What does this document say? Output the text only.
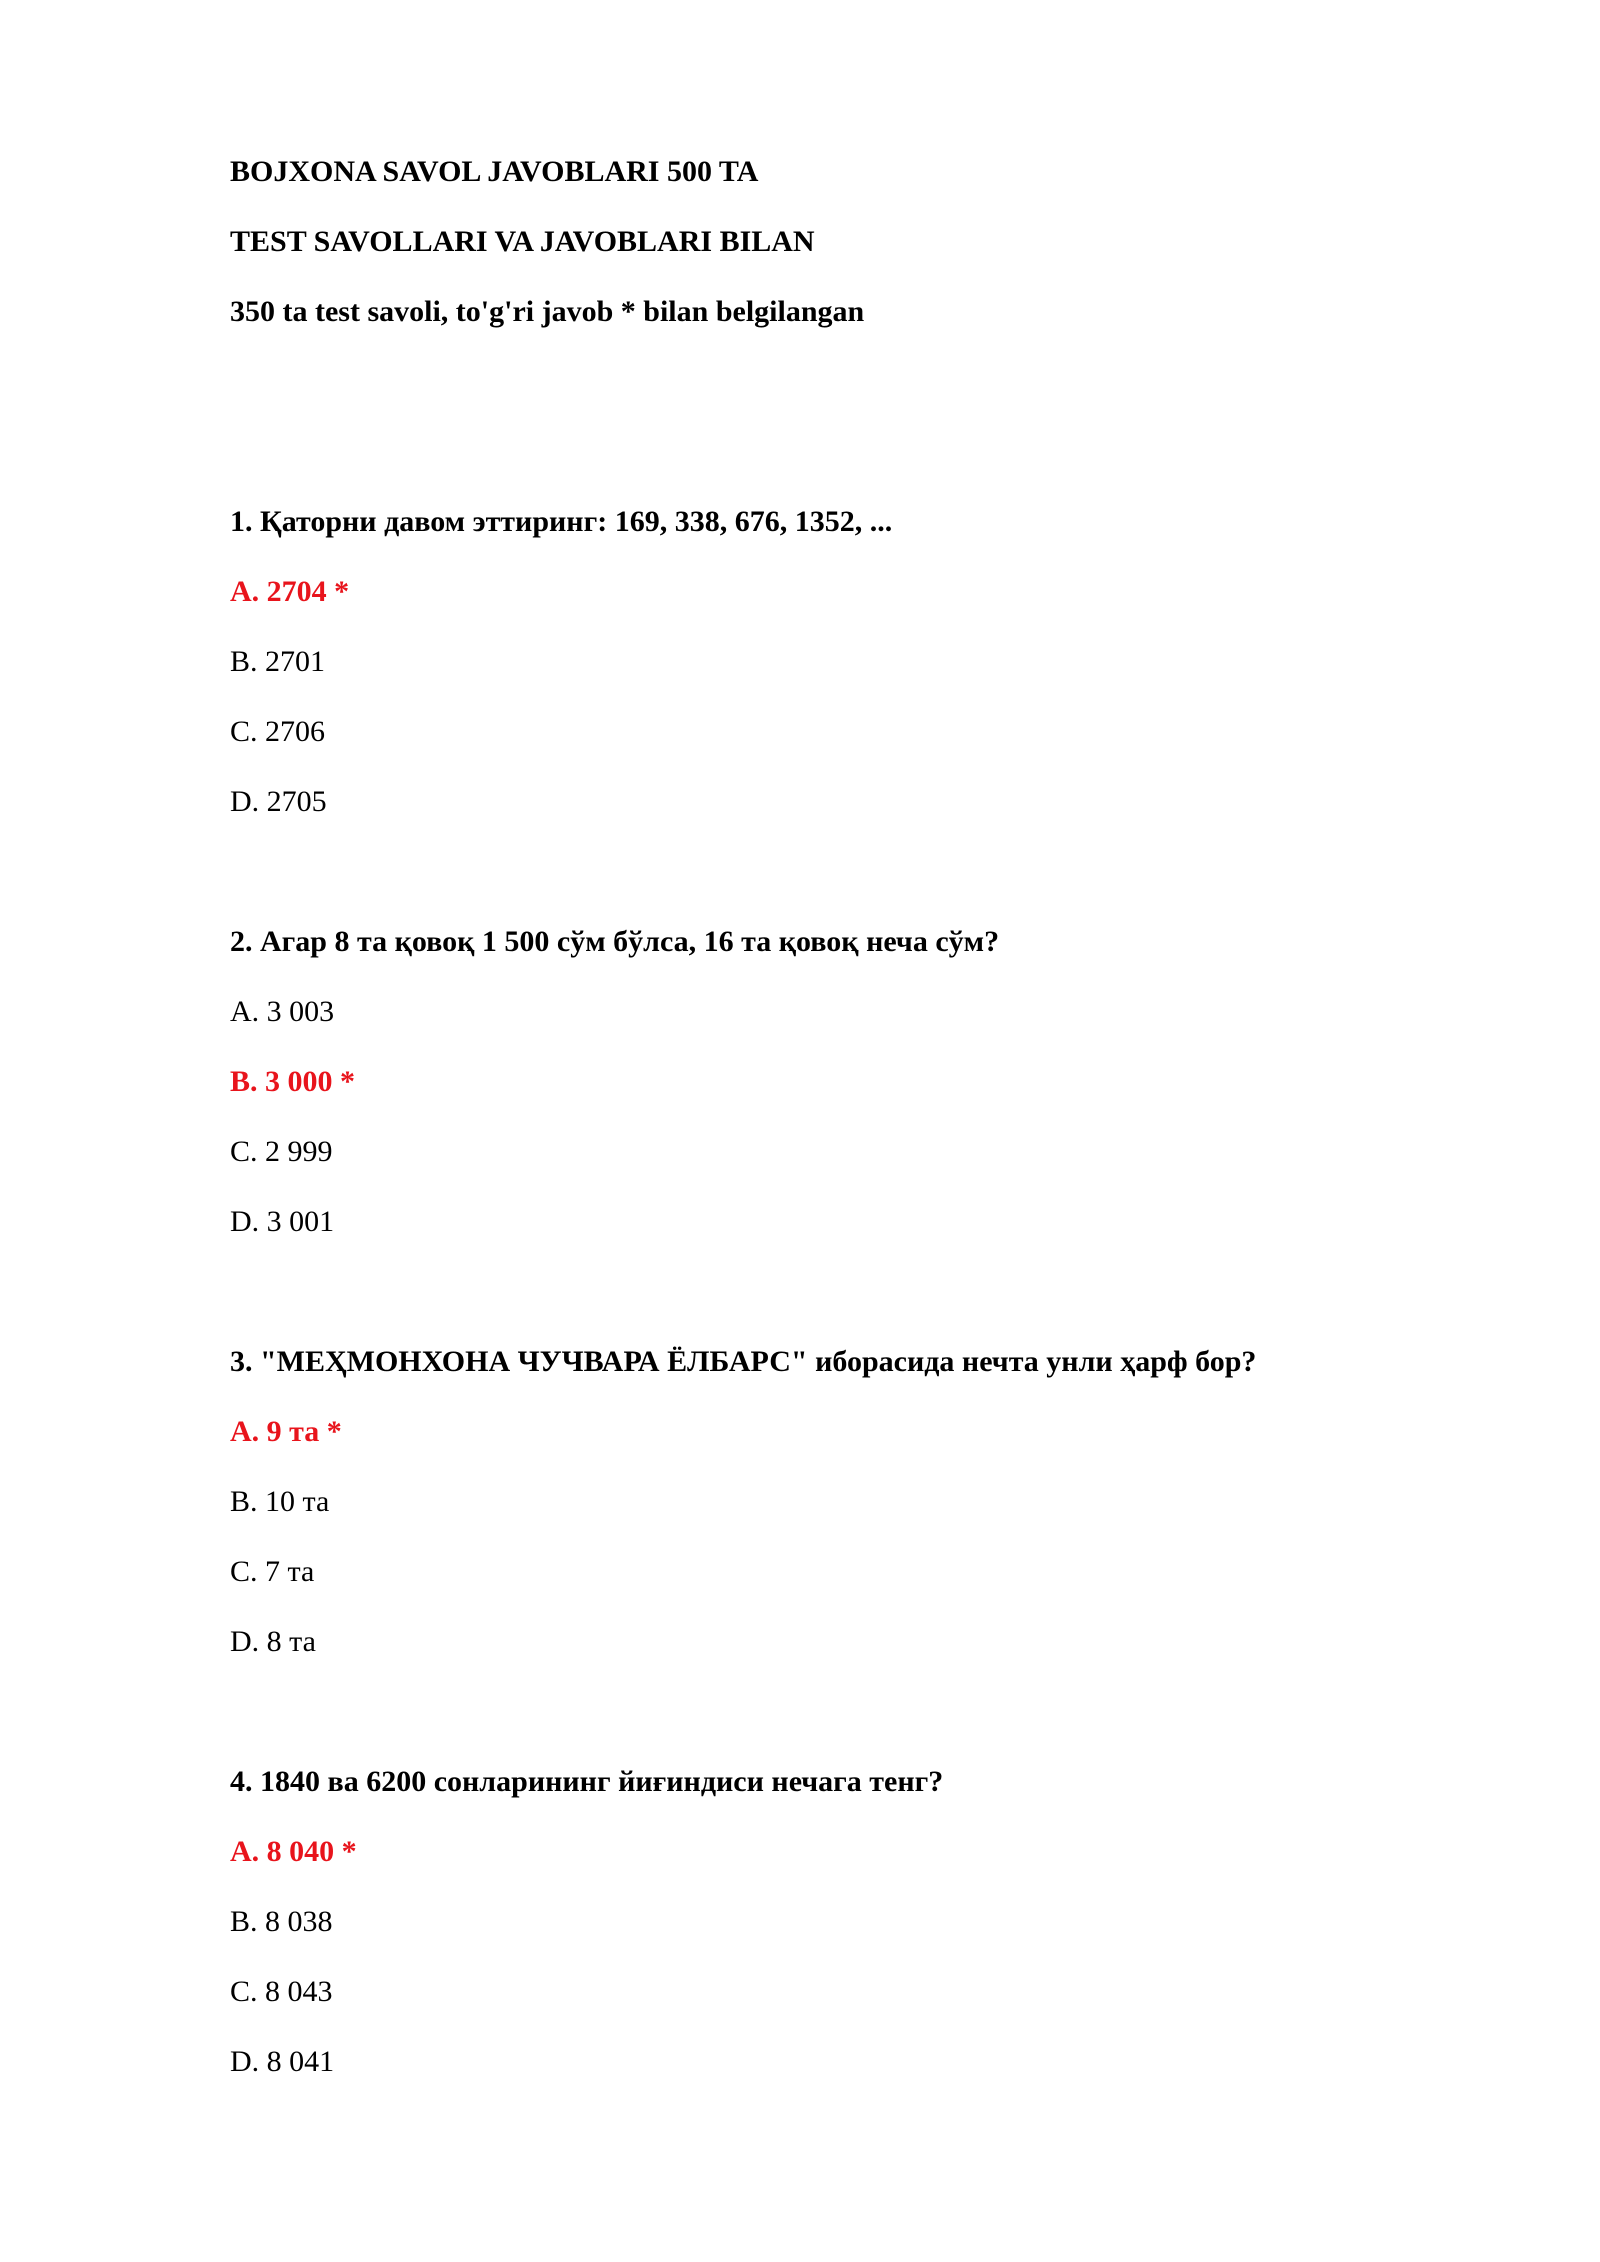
BOJXONA SAVOL JAVOBLARI 500 TA
TEST SAVOLLARI VA JAVOBLARI BILAN
350 ta test savoli, to'g'ri javob * bilan belgilangan
1. Қаторни давом эттиринг: 169, 338, 676, 1352, ...
A. 2704 *
B. 2701
C. 2706
D. 2705
2. Агар 8 та қовоқ 1 500 сўм бўлса, 16 та қовоқ неча сўм?
A. 3 003
B. 3 000 *
C. 2 999
D. 3 001
3. "МЕҲМОНХОНА ЧУЧВАРА ЁЛБАРС" иборасида нечта унли ҳарф бор?
A. 9 та *
B. 10 та
C. 7 та
D. 8 та
4. 1840 ва 6200 сонларининг йиғиндиси нечага тенг?
A. 8 040 *
B. 8 038
C. 8 043
D. 8 041
